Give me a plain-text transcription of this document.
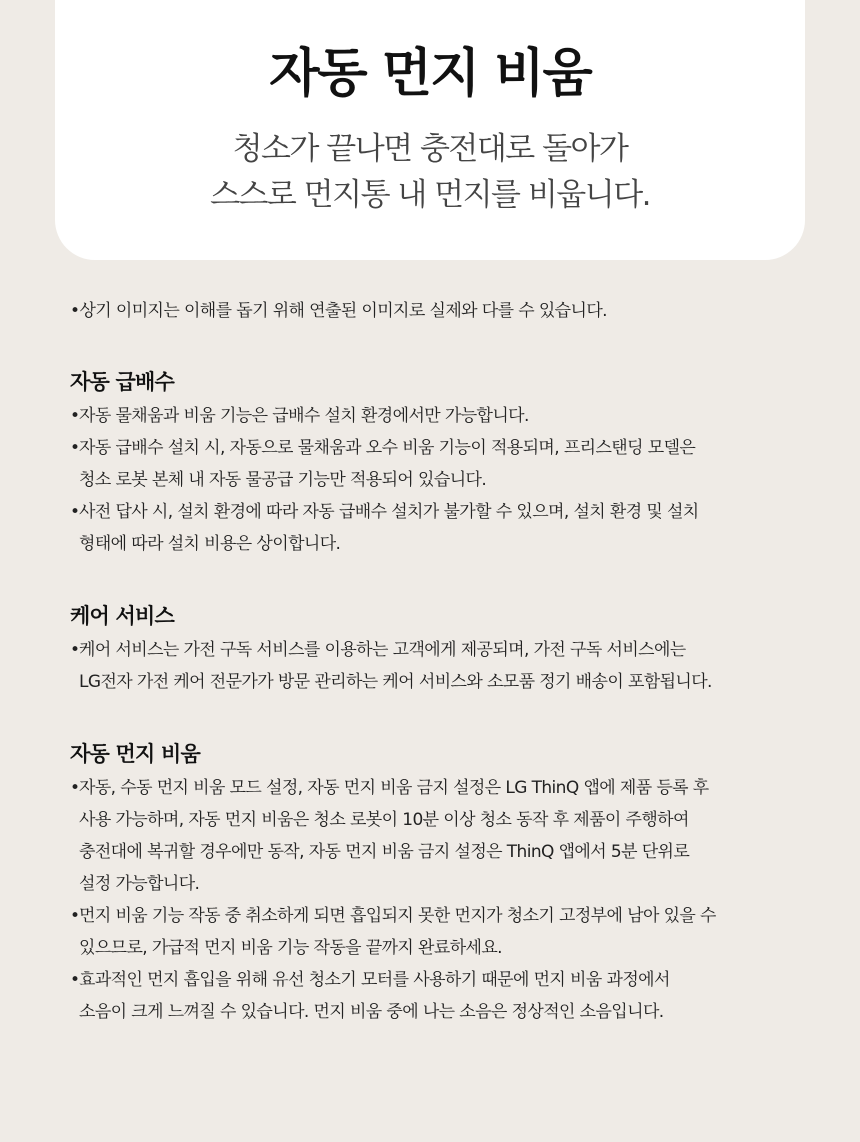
자동 먼지 비움
청소가 끝나면 충전대로 돌아가
스스로 먼지통 내 먼지를 비웁니다.

•상기 이미지는 이해를 돕기 위해 연출된 이미지로 실제와 다를 수 있습니다.

자동 급배수
• 자동 물채움과 비움 기능은 급배수 설치 환경에서만 가능합니다.
• 자동 급배수 설치 시, 자동으로 물채움과 오수 비움 기능이 적용되며, 프리스탠딩 모델은
청소 로봇 본체 내 자동 물공급 기능만 적용되어 있습니다.
• 사전 답사 시, 설치 환경에 따라 자동 급배수 설치가 불가할 수 있으며, 설치 환경 및 설치
형태에 따라 설치 비용은 상이합니다.
케어 서비스
• 케어 서비스는 가전 구독 서비스를 이용하는 고객에게 제공되며, 가전 구독 서비스에는
LG전자 가전 케어 전문가가 방문 관리하는 케어 서비스와 소모품 정기 배송이 포함됩니다.
자동 먼지 비움
• 자동, 수동 먼지 비움 모드 설정, 자동 먼지 비움 금지 설정은 LG ThinQ 앱에 제품 등록 후
사용 가능하며, 자동 먼지 비움은 청소 로봇이 10분 이상 청소 동작 후 제품이 주행하여
충전대에 복귀할 경우에만 동작, 자동 먼지 비움 금지 설정은 ThinQ 앱에서 5분 단위로
설정 가능합니다.
• 먼지 비움 기능 작동 중 취소하게 되면 흡입되지 못한 먼지가 청소기 고정부에 남아 있을 수
있으므로, 가급적 먼지 비움 기능 작동을 끝까지 완료하세요.
• 효과적인 먼지 흡입을 위해 유선 청소기 모터를 사용하기 때문에 먼지 비움 과정에서
소음이 크게 느껴질 수 있습니다. 먼지 비움 중에 나는 소음은 정상적인 소음입니다.
